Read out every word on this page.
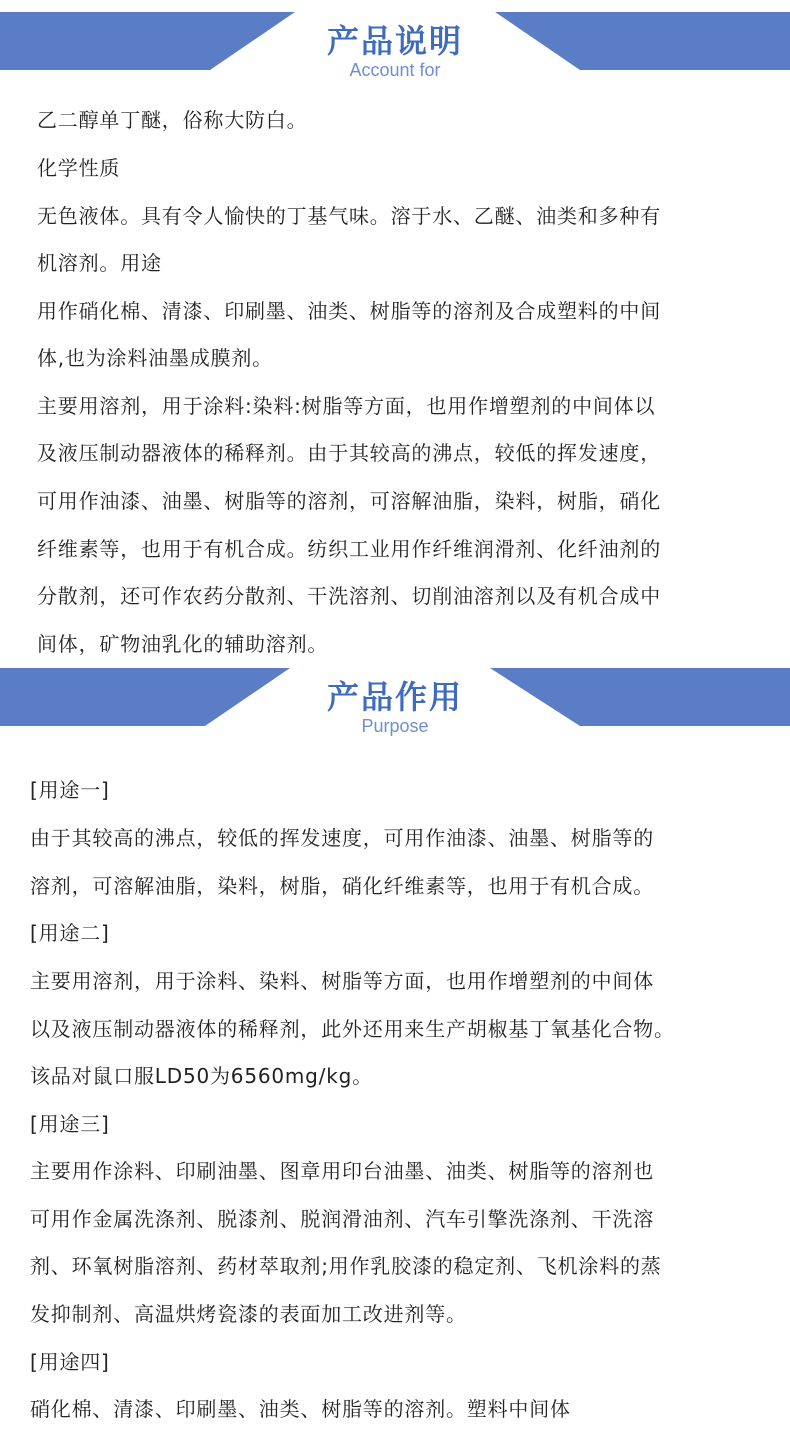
产品说明
Account for
乙二醇单丁醚，俗称大防白。
化学性质
无色液体。具有令人愉快的丁基气味。溶于水、乙醚、油类和多种有
机溶剂。用途
用作硝化棉、清漆、印刷墨、油类、树脂等的溶剂及合成塑料的中间
体,也为涂料油墨成膜剂。
主要用溶剂，用于涂料:染料:树脂等方面，也用作增塑剂的中间体以
及液压制动器液体的稀释剂。由于其较高的沸点，较低的挥发速度，
可用作油漆、油墨、树脂等的溶剂，可溶解油脂，染料，树脂，硝化
纤维素等，也用于有机合成。纺织工业用作纤维润滑剂、化纤油剂的
分散剂，还可作农药分散剂、干洗溶剂、切削油溶剂以及有机合成中
间体，矿物油乳化的辅助溶剂。
产品作用
Purpose
[用途一]
由于其较高的沸点，较低的挥发速度，可用作油漆、油墨、树脂等的
溶剂，可溶解油脂，染料，树脂，硝化纤维素等，也用于有机合成。
[用途二]
主要用溶剂，用于涂料、染料、树脂等方面，也用作增塑剂的中间体
以及液压制动器液体的稀释剂，此外还用来生产胡椒基丁氧基化合物。
该品对鼠口服LD50为6560mg/kg。
[用途三]
主要用作涂料、印刷油墨、图章用印台油墨、油类、树脂等的溶剂也
可用作金属洗涤剂、脱漆剂、脱润滑油剂、汽车引擎洗涤剂、干洗溶
剂、环氧树脂溶剂、药材萃取剂;用作乳胶漆的稳定剂、飞机涂料的蒸
发抑制剂、高温烘烤瓷漆的表面加工改进剂等。
[用途四]
硝化棉、清漆、印刷墨、油类、树脂等的溶剂。塑料中间体
